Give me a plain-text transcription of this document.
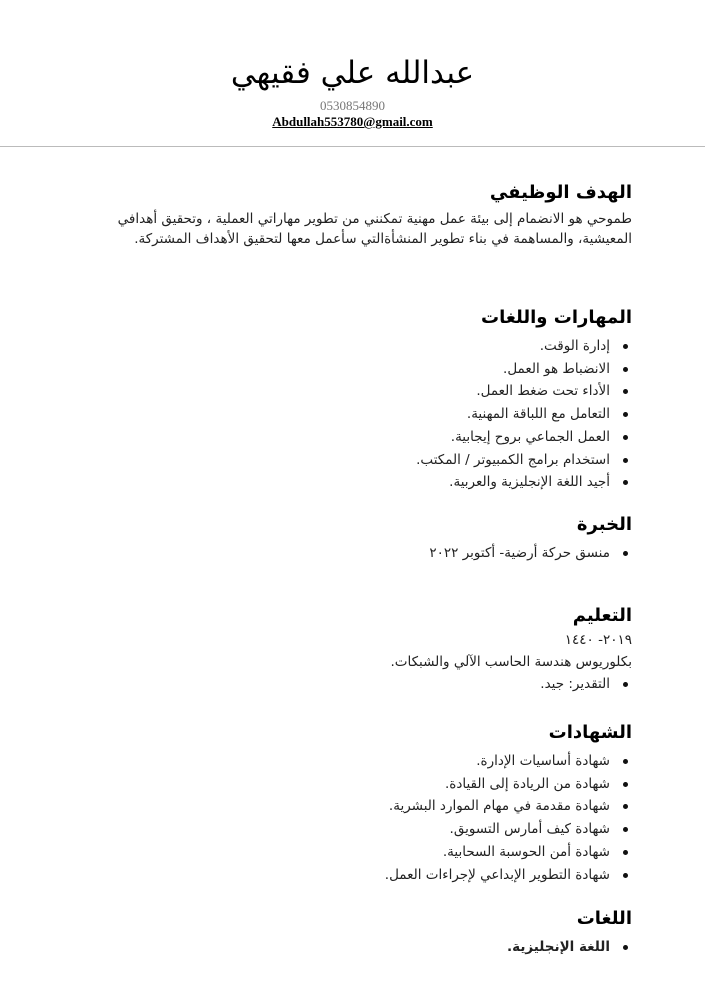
عبدالله علي فقيهي
0530854890
Abdullah553780@gmail.com
الهدف الوظيفي

طموحي هو الانضمام إلى بيئة عمل مهنية تمكنني من تطوير مهاراتي العملية ، وتحقيق أهدافي المعيشية، والمساهمة في بناء تطوير المنشأةالتي سأعمل معها لتحقيق الأهداف المشتركة.

المهارات واللغات
إدارة الوقت.
الانضباط هو العمل.
الأداء تحت ضغط العمل.
التعامل مع اللباقة المهنية.
العمل الجماعي بروح إيجابية.
استخدام برامج الكمبيوتر / المكتب.
أجيد اللغة الإنجليزية والعربية.
الخبرة
منسق حركة أرضية- أكتوبر ٢٠٢٢
التعليم
٢٠١٩- ١٤٤٠
بكلوريوس هندسة الحاسب الآلي والشبكات.
التقدير: جيد.
الشهادات
شهادة أساسيات الإدارة.
شهادة من الريادة إلى القيادة.
شهادة مقدمة في مهام الموارد البشرية.
شهادة كيف أمارس التسويق.
شهادة أمن الحوسبة السحابية.
شهادة التطوير الإبداعي لإجراءات العمل.
اللغات
اللغة الإنجليزية.
